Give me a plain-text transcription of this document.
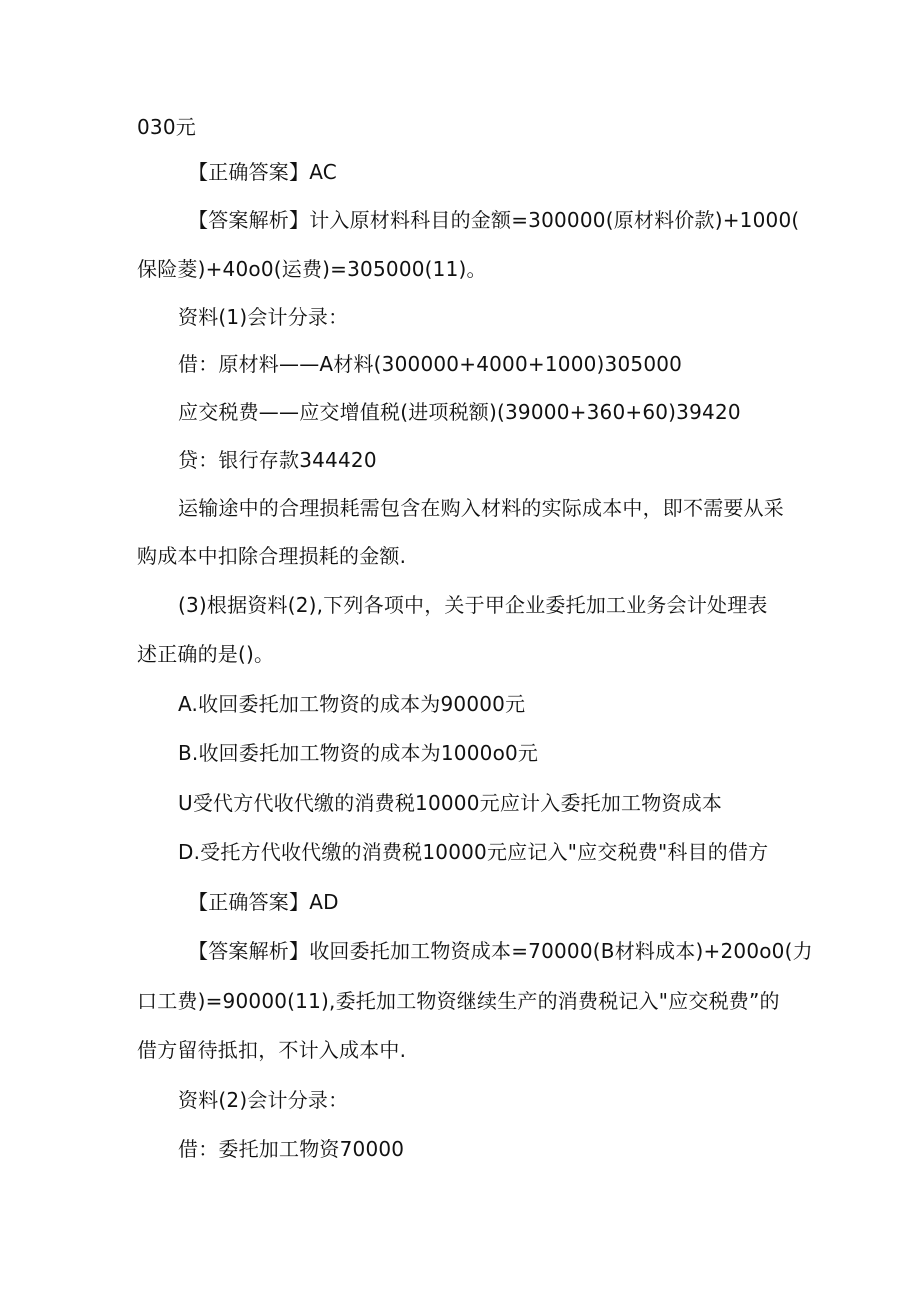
030元
【正确答案】AC
【答案解析】计入原材料科目的金额=300000(原材料价款)+1000(
保险菱)+40o0(运费)=305000(11)。
资料(1)会计分录：
借：原材料——A材料(300000+4000+1000)305000
应交税费——应交增值税(进项税额)(39000+360+60)39420
贷：银行存款344420
运输途中的合理损耗需包含在购入材料的实际成本中，即不需要从采
购成本中扣除合理损耗的金额.
(3)根据资料(2),下列各项中，关于甲企业委托加工业务会计处理表
述正确的是()。
A.收回委托加工物资的成本为90000元
B.收回委托加工物资的成本为1000o0元
U受代方代收代缴的消费税10000元应计入委托加工物资成本
D.受托方代收代缴的消费税10000元应记入"应交税费"科目的借方
【正确答案】AD
【答案解析】收回委托加工物资成本=70000(B材料成本)+200o0(力
口工费)=90000(11),委托加工物资继续生产的消费税记入"应交税费”的
借方留待抵扣，不计入成本中.
资料(2)会计分录：
借：委托加工物资70000
